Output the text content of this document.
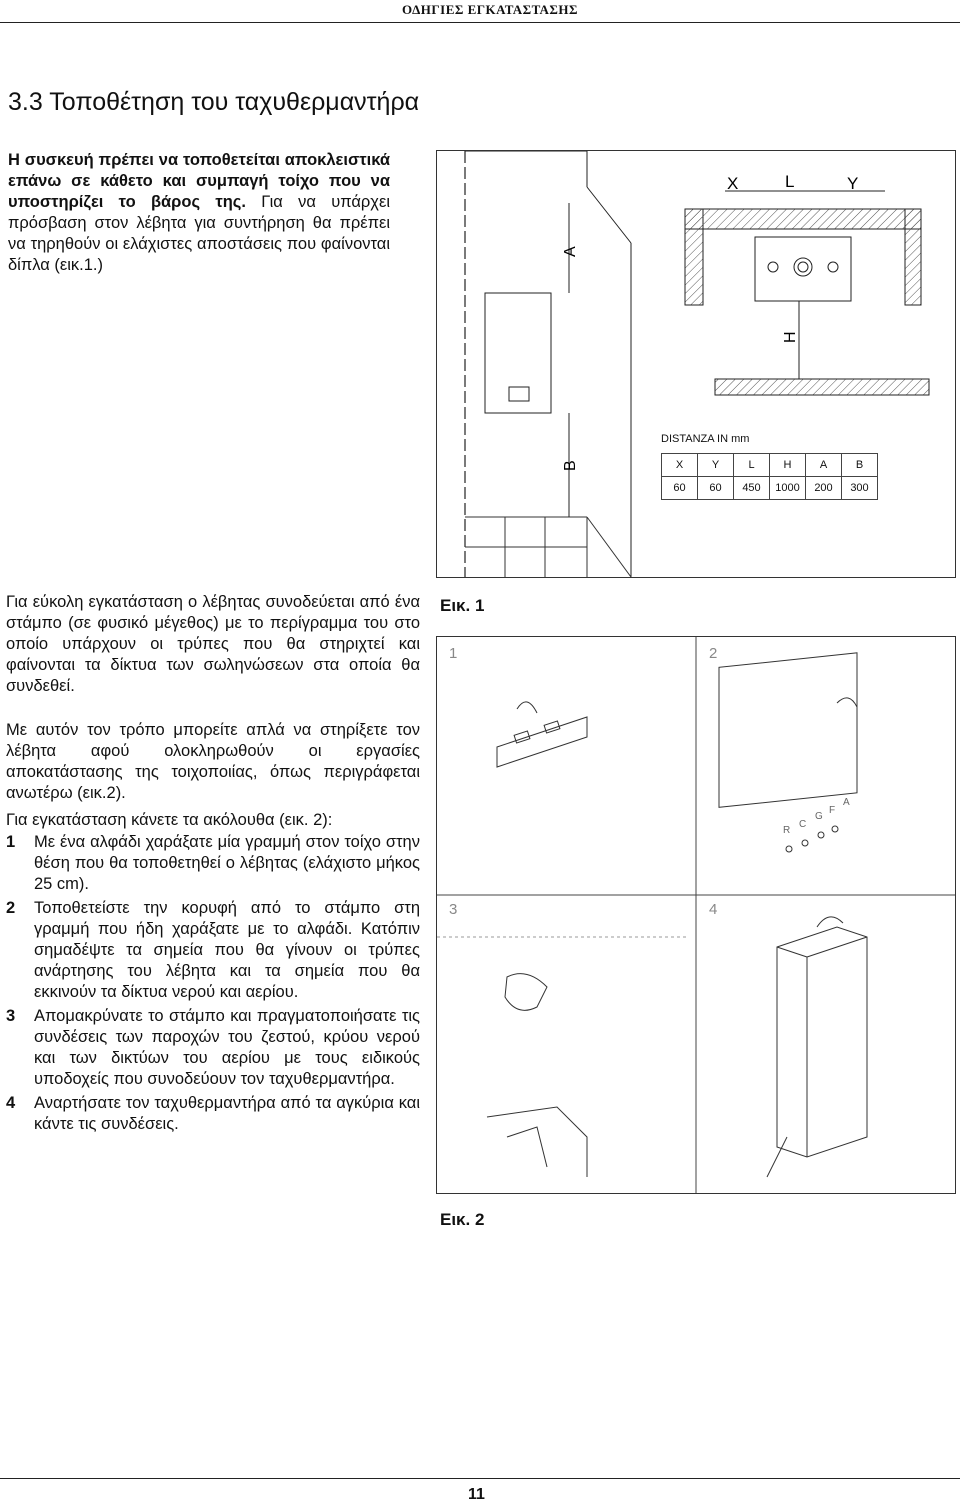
ΟΔΗΓΙΕΣ ΕΓΚΑΤΑΣΤΑΣΗΣ
3.3 Τοποθέτηση του ταχυθερμαντήρα
Η συσκευή πρέπει να τοποθετείται αποκλειστικά επάνω σε κάθετο και συμπαγή τοίχο που να υποστηρίζει το βάρος της. Για να υπάρχει πρόσβαση στον λέβητα για συντήρηση θα πρέπει να τηρηθούν οι ελάχιστες αποστάσεις που φαίνονται δίπλα (εικ.1.)
A
B
X	L	Y
H
DISTANZA IN mm
X	Y	L	H	A	B
60	60	450	1000	200	300
Για εύκολη εγκατάσταση ο λέβητας συνοδεύεται από ένα στάμπο (σε φυσικό μέγεθος) με το περίγραμμα του στο οποίο υπάρχουν οι τρύπες που θα στηριχτεί και φαίνονται τα δίκτυα των σωληνώσεων στα οποία θα συνδεθεί.
Εικ. 1
Με αυτόν τον τρόπο μπορείτε απλά να στηρίξετε τον λέβητα αφού ολοκληρωθούν οι εργασίες αποκατάστασης της τοιχοποιίας, όπως περιγράφεται ανωτέρω (εικ.2).
Για εγκατάσταση κάνετε τα ακόλουθα (εικ. 2):
1	Με ένα αλφάδι χαράξατε μία γραμμή στον τοίχο στην θέση που θα τοποθετηθεί ο λέβητας (ελάχιστο μήκος 25 cm).
2	Τοποθετείστε την κορυφή από το στάμπο στη γραμμή που ήδη χαράξατε με το αλφάδι. Κατόπιν σημαδέψτε τα σημεία που θα γίνουν οι τρύπες ανάρτησης του λέβητα και τα σημεία που θα εκκινούν τα δίκτυα νερού και αερίου.
3	Απομακρύνατε το στάμπο και πραγματοποιήσατε τις συνδέσεις των παροχών του ζεστού, κρύου νερού και των δικτύων του αερίου με τους ειδικούς υποδοχείς που συνοδεύουν τον ταχυθερμαντήρα.
4	Αναρτήσατε τον ταχυθερμαντήρα από τα αγκύρια και κάντε τις συνδέσεις.
1	2
3	4
R
C
G
F
A
Εικ. 2
11
